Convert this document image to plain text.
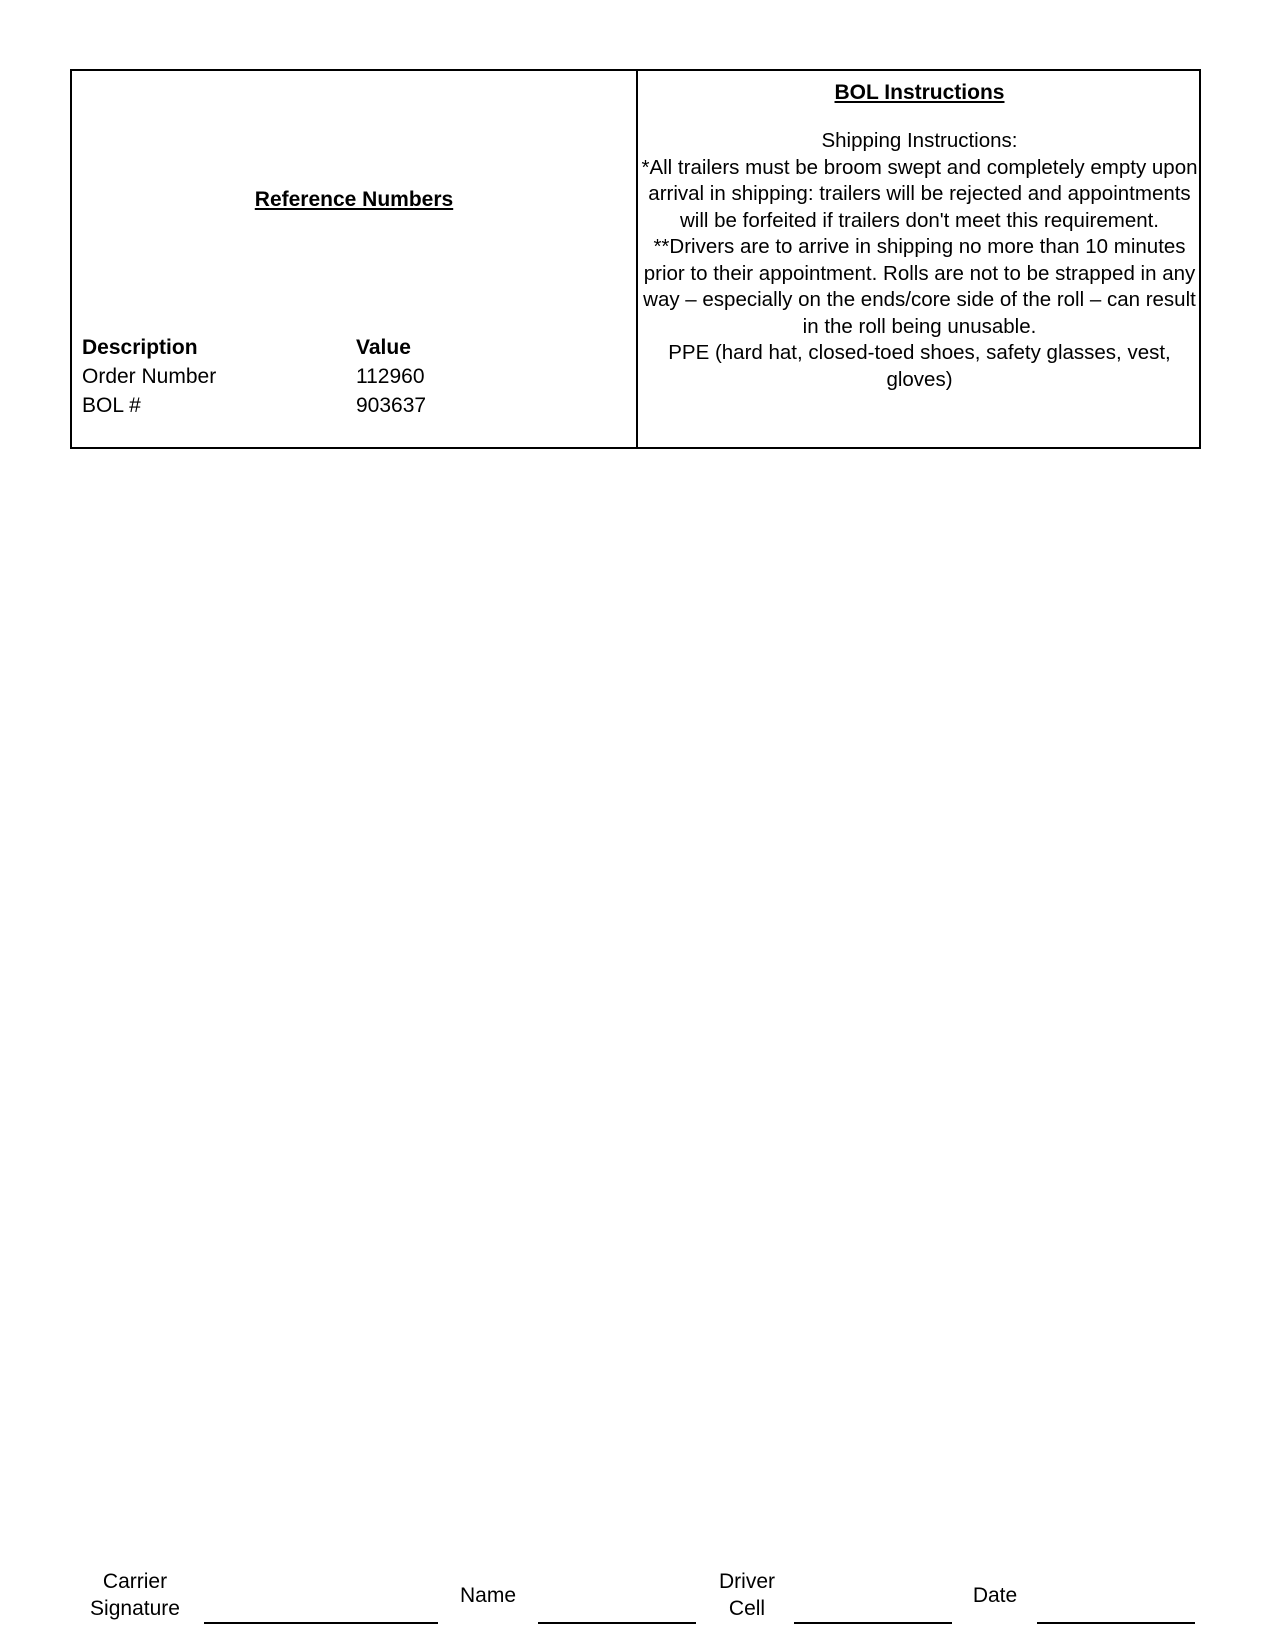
Reference Numbers
Description	Value
Order Number	112960
BOL #	903637
BOL Instructions

Shipping Instructions:

*All trailers must be broom swept and completely empty upon arrival in shipping: trailers will be rejected and appointments will be forfeited if trailers don't meet this requirement.

**Drivers are to arrive in shipping no more than 10 minutes prior to their appointment. Rolls are not to be strapped in any way – especially on the ends/core side of the roll – can result in the roll being unusable.

PPE (hard hat, closed-toed shoes, safety glasses, vest, gloves)

Carrier
Signature
Name
Driver
Cell
Date
